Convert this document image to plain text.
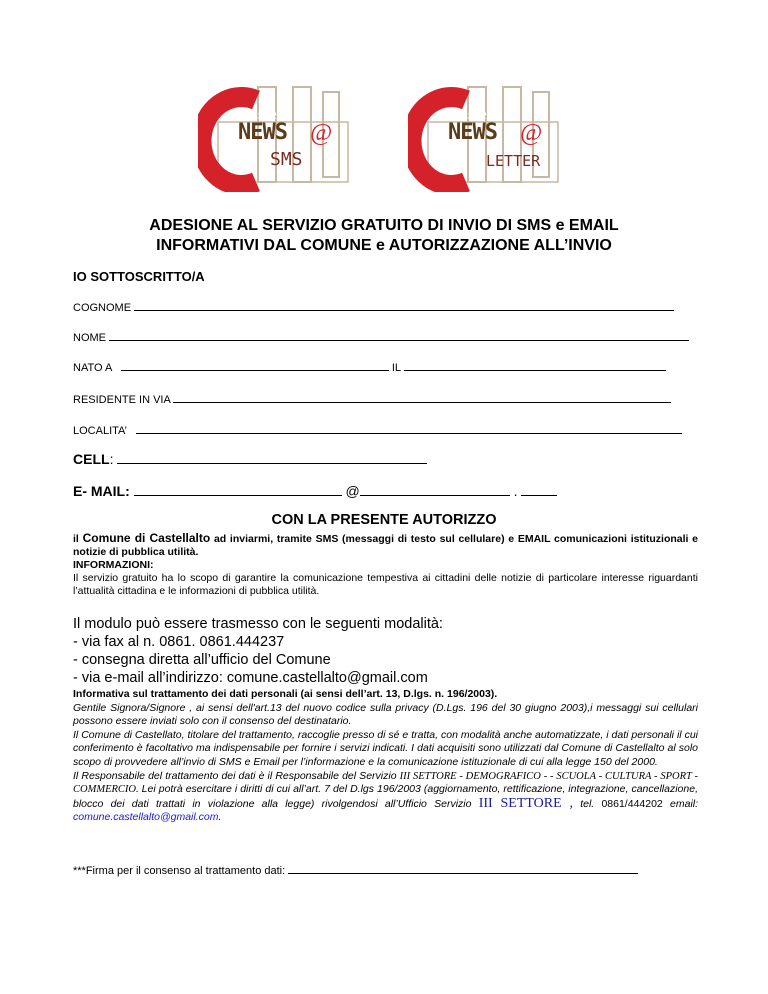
astel
NEWS @
SMS
astel
NEWS @
LETTER
ADESIONE AL SERVIZIO GRATUITO DI INVIO DI SMS e EMAIL
INFORMATIVI DAL COMUNE e AUTORIZZAZIONE ALL’INVIO
IO SOTTOSCRITTO/A
COGNOME
NOME
NATO A	IL
RESIDENTE IN VIA
LOCALITA’
CELL:
E- MAIL:	@	.
CON LA PRESENTE AUTORIZZO
il Comune di Castellalto ad inviarmi, tramite SMS (messaggi di testo sul cellulare) e EMAIL comunicazioni istituzionali e notizie di pubblica utilità.
INFORMAZIONI:
Il servizio gratuito ha lo scopo di garantire la comunicazione tempestiva ai cittadini delle notizie di particolare interesse riguardanti l’attualità cittadina e le informazioni di pubblica utilità.
Il modulo può essere trasmesso con le seguenti modalità:
- via fax al n. 0861. 0861.444237
- consegna diretta all’ufficio del Comune
- via e-mail all’indirizzo: comune.castellalto@gmail.com
Informativa sul trattamento dei dati personali (ai sensi dell’art. 13, D.lgs. n. 196/2003).
Gentile Signora/Signore , ai sensi dell'art.13 del nuovo codice sulla privacy (D.Lgs. 196 del 30 giugno 2003),i messaggi sui cellulari possono essere inviati solo con il consenso del destinatario.
Il Comune di Castellato, titolare del trattamento, raccoglie presso di sé e tratta, con modalità anche automatizzate, i dati personali il cui conferimento è facoltativo ma indispensabile per fornire i servizi indicati. I dati acquisiti sono utilizzati dal Comune di Castellalto al solo scopo di provvedere all’invio di SMS e Email per l’informazione e la comunicazione istituzionale di cui alla legge 150 del 2000.
Il Responsabile del trattamento dei dati è il Responsabile del Servizio III SETTORE - DEMOGRAFICO - - SCUOLA - CULTURA - SPORT - COMMERCIO. Lei potrà esercitare i diritti di cui all’art. 7 del D.lgs 196/2003 (aggiornamento, rettificazione, integrazione, cancellazione, blocco dei dati trattati in violazione alla legge) rivolgendosi all’Ufficio Servizio III SETTORE , tel. 0861/444202 email: comune.castellalto@gmail.com.
***Firma per il consenso al trattamento dati:
